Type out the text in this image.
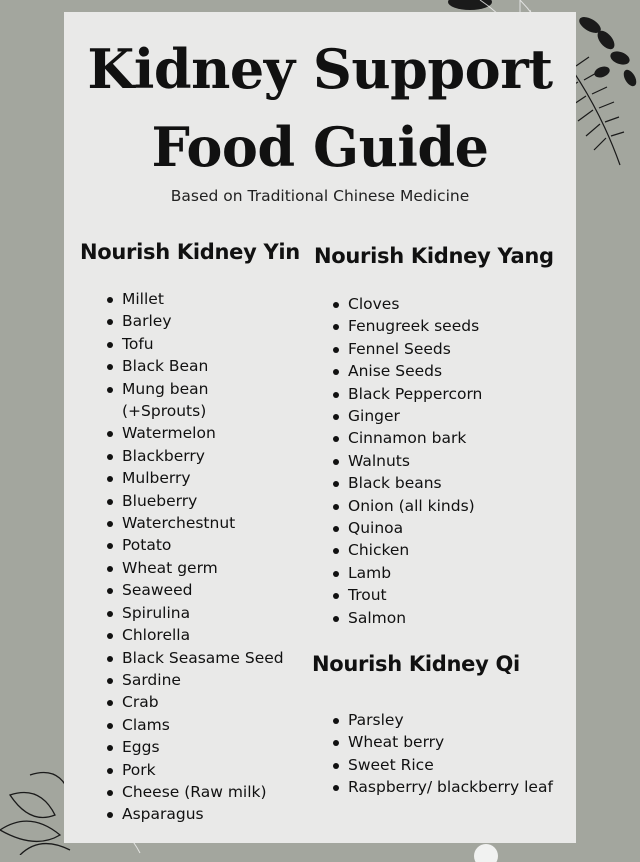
Kidney Support
Food Guide
Based on Traditional Chinese Medicine
Nourish Kidney Yin
Millet
Barley
Tofu
Black Bean
Mung bean
(+Sprouts)
Watermelon
Blackberry
Mulberry
Blueberry
Waterchestnut
Potato
Wheat germ
Seaweed
Spirulina
Chlorella
Black Seasame Seed
Sardine
Crab
Clams
Eggs
Pork
Cheese (Raw milk)
Asparagus
Nourish Kidney Yang
Cloves
Fenugreek seeds
Fennel Seeds
Anise Seeds
Black Peppercorn
Ginger
Cinnamon bark
Walnuts
Black beans
Onion (all kinds)
Quinoa
Chicken
Lamb
Trout
Salmon
Nourish Kidney Qi
Parsley
Wheat berry
Sweet Rice
Raspberry/ blackberry leaf
